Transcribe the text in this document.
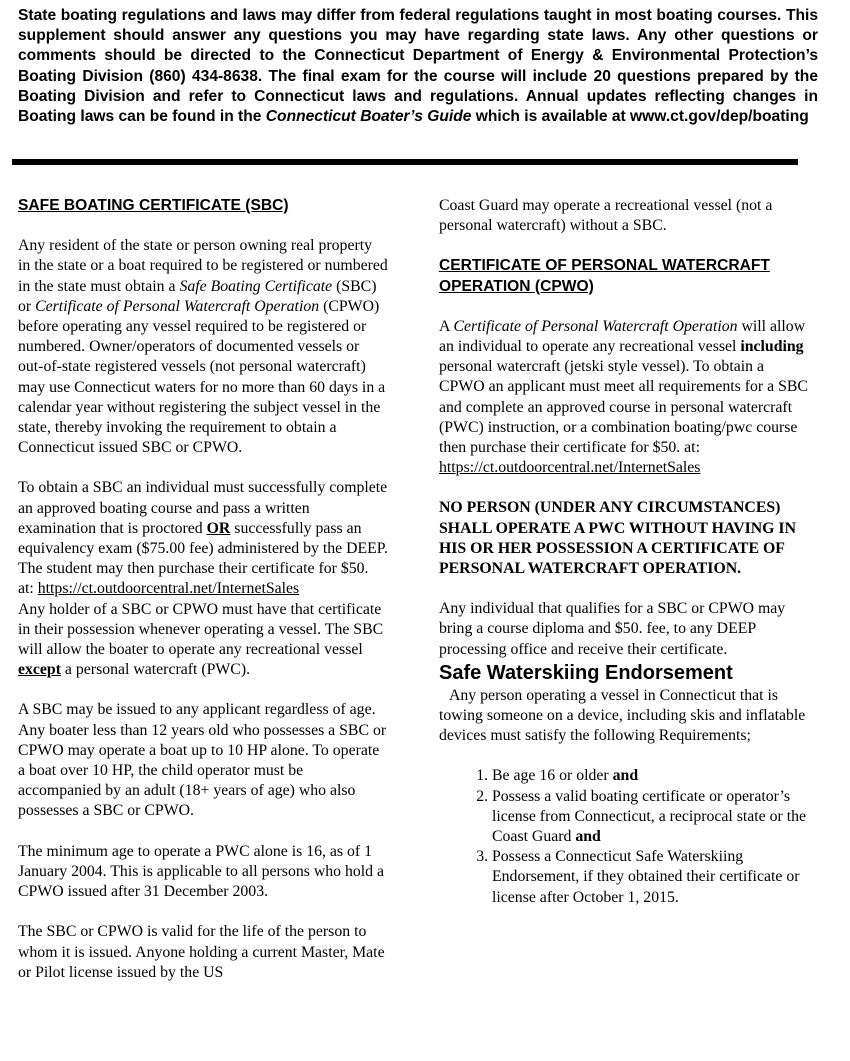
State boating regulations and laws may differ from federal regulations taught in most boating courses. This supplement should answer any questions you may have regarding state laws. Any other questions or comments should be directed to the Connecticut Department of Energy & Environmental Protection’s Boating Division (860) 434-8638. The final exam for the course will include 20 questions prepared by the Boating Division and refer to Connecticut laws and regulations. Annual updates reflecting changes in Boating laws can be found in the Connecticut Boater’s Guide which is available at www.ct.gov/dep/boating

SAFE BOATING CERTIFICATE (SBC)

Any resident of the state or person owning real property in the state or a boat required to be registered or numbered in the state must obtain a Safe Boating Certificate (SBC) or Certificate of Personal Watercraft Operation (CPWO) before operating any vessel required to be registered or numbered. Owner/operators of documented vessels or out-of-state registered vessels (not personal watercraft) may use Connecticut waters for no more than 60 days in a calendar year without registering the subject vessel in the state, thereby invoking the requirement to obtain a Connecticut issued SBC or CPWO.

To obtain a SBC an individual must successfully complete an approved boating course and pass a written examination that is proctored OR successfully pass an equivalency exam ($75.00 fee) administered by the DEEP. The student may then purchase their certificate for $50. at: https://ct.outdoorcentral.net/InternetSales

Any holder of a SBC or CPWO must have that certificate in their possession whenever operating a vessel. The SBC will allow the boater to operate any recreational vessel except a personal watercraft (PWC).

A SBC may be issued to any applicant regardless of age. Any boater less than 12 years old who possesses a SBC or CPWO may operate a boat up to 10 HP alone. To operate a boat over 10 HP, the child operator must be accompanied by an adult (18+ years of age) who also possesses a SBC or CPWO.

The minimum age to operate a PWC alone is 16, as of 1 January 2004. This is applicable to all persons who hold a CPWO issued after 31 December 2003.

The SBC or CPWO is valid for the life of the person to whom it is issued. Anyone holding a current Master, Mate or Pilot license issued by the US

Coast Guard may operate a recreational vessel (not a personal watercraft) without a SBC.

CERTIFICATE OF PERSONAL WATERCRAFT OPERATION (CPWO)

A Certificate of Personal Watercraft Operation will allow an individual to operate any recreational vessel including personal watercraft (jetski style vessel). To obtain a CPWO an applicant must meet all requirements for a SBC and complete an approved course in personal watercraft (PWC) instruction, or a combination boating/pwc course then purchase their certificate for $50. at: https://ct.outdoorcentral.net/InternetSales

NO PERSON (UNDER ANY CIRCUMSTANCES) SHALL OPERATE A PWC WITHOUT HAVING IN HIS OR HER POSSESSION A CERTIFICATE OF PERSONAL WATERCRAFT OPERATION.

Any individual that qualifies for a SBC or CPWO may bring a course diploma and $50. fee, to any DEEP processing office and receive their certificate.

Safe Waterskiing Endorsement

Any person operating a vessel in Connecticut that is towing someone on a device, including skis and inflatable devices must satisfy the following Requirements;

1. Be age 16 or older and
2. Possess a valid boating certificate or operator’s license from Connecticut, a reciprocal state or the Coast Guard and
3. Possess a Connecticut Safe Waterskiing Endorsement, if they obtained their certificate or license after October 1, 2015.
